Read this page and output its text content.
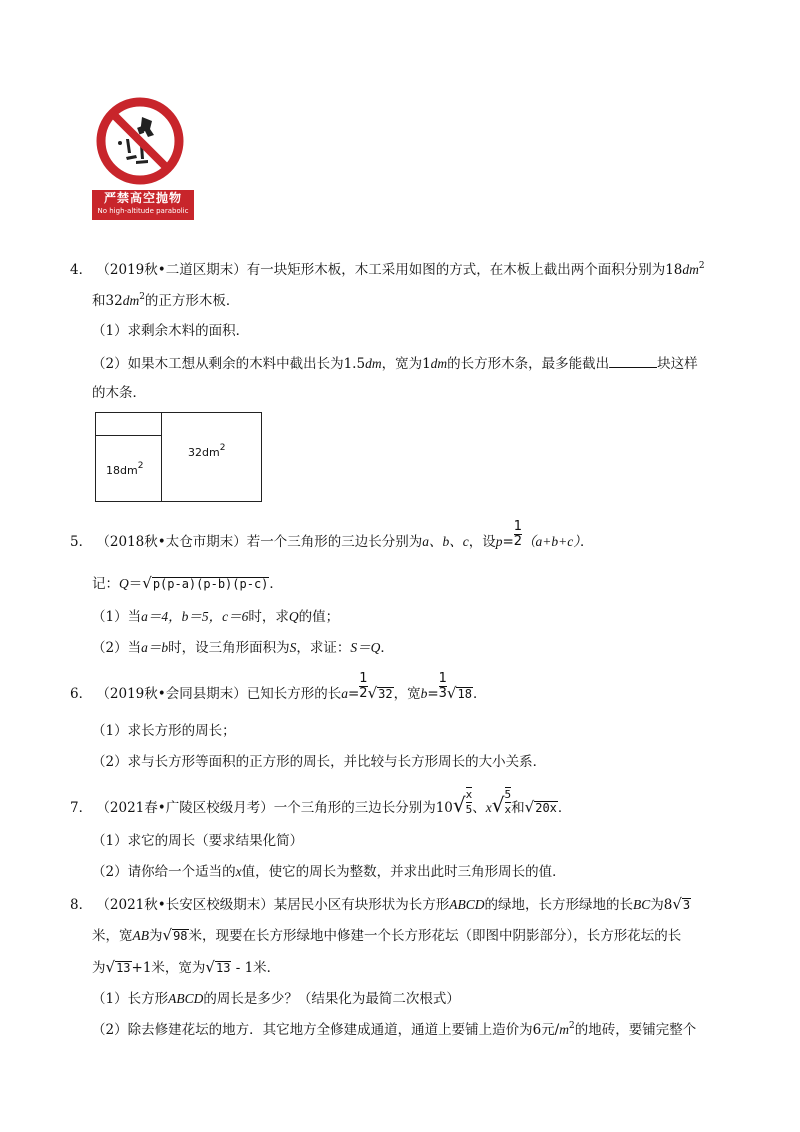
严禁高空抛物
No high-altitude parabolic
4． （2019秋•二道区期末）有一块矩形木板，木工采用如图的方式，在木板上截出两个面积分别为$18dm^2$
和$32dm^2$的正方形木板．
（1）求剩余木料的面积．
（2）如果木工想从剩余的木料中截出长为1.5dm，宽为1dm的长方形木条，最多能截出	块这样
的木条．
$18dm^2$
$32dm^2$
5． （2018秋•太仓市期末）若一个三角形的三边长分别为a、b、c，设$p= \frac{1}{2} (a+b+c)$．
记：Q＝√p(p-a)(p-b)(p-c)．
（1）当a＝4，b＝5，c＝6时，求Q的值；
（2）当a＝b时，设三角形面积为S，求证：S＝Q．
6． （2019秋•会同县期末）已知长方形的长$a= \frac{1}{2} √32$，宽$b= \frac{1}{3} √18$．
（1）求长方形的周长；
（2）求与长方形等面积的正方形的周长，并比较与长方形周长的大小关系．
7． （2021春•广陵区校级月考）一个三角形的三边长分别为$10√ \frac{x}{5}$ 、$x√ \frac{5}{x}$ 和√20x．
（1）求它的周长（要求结果化简）
（2）请你给一个适当的x值，使它的周长为整数，并求出此时三角形周长的值．
8． （2021秋•长安区校级期末）某居民小区有块形状为长方形ABCD的绿地，长方形绿地的长BC为8√3
米，宽AB为√98米，现要在长方形绿地中修建一个长方形花坛（即图中阴影部分），长方形花坛的长
为√13+1米，宽为√13 - 1米．
（1）长方形ABCD的周长是多少？（结果化为最简二次根式）
（2）除去修建花坛的地方．其它地方全修建成通道，通道上要铺上造价为6元$/m^2$的地砖，要铺完整个
